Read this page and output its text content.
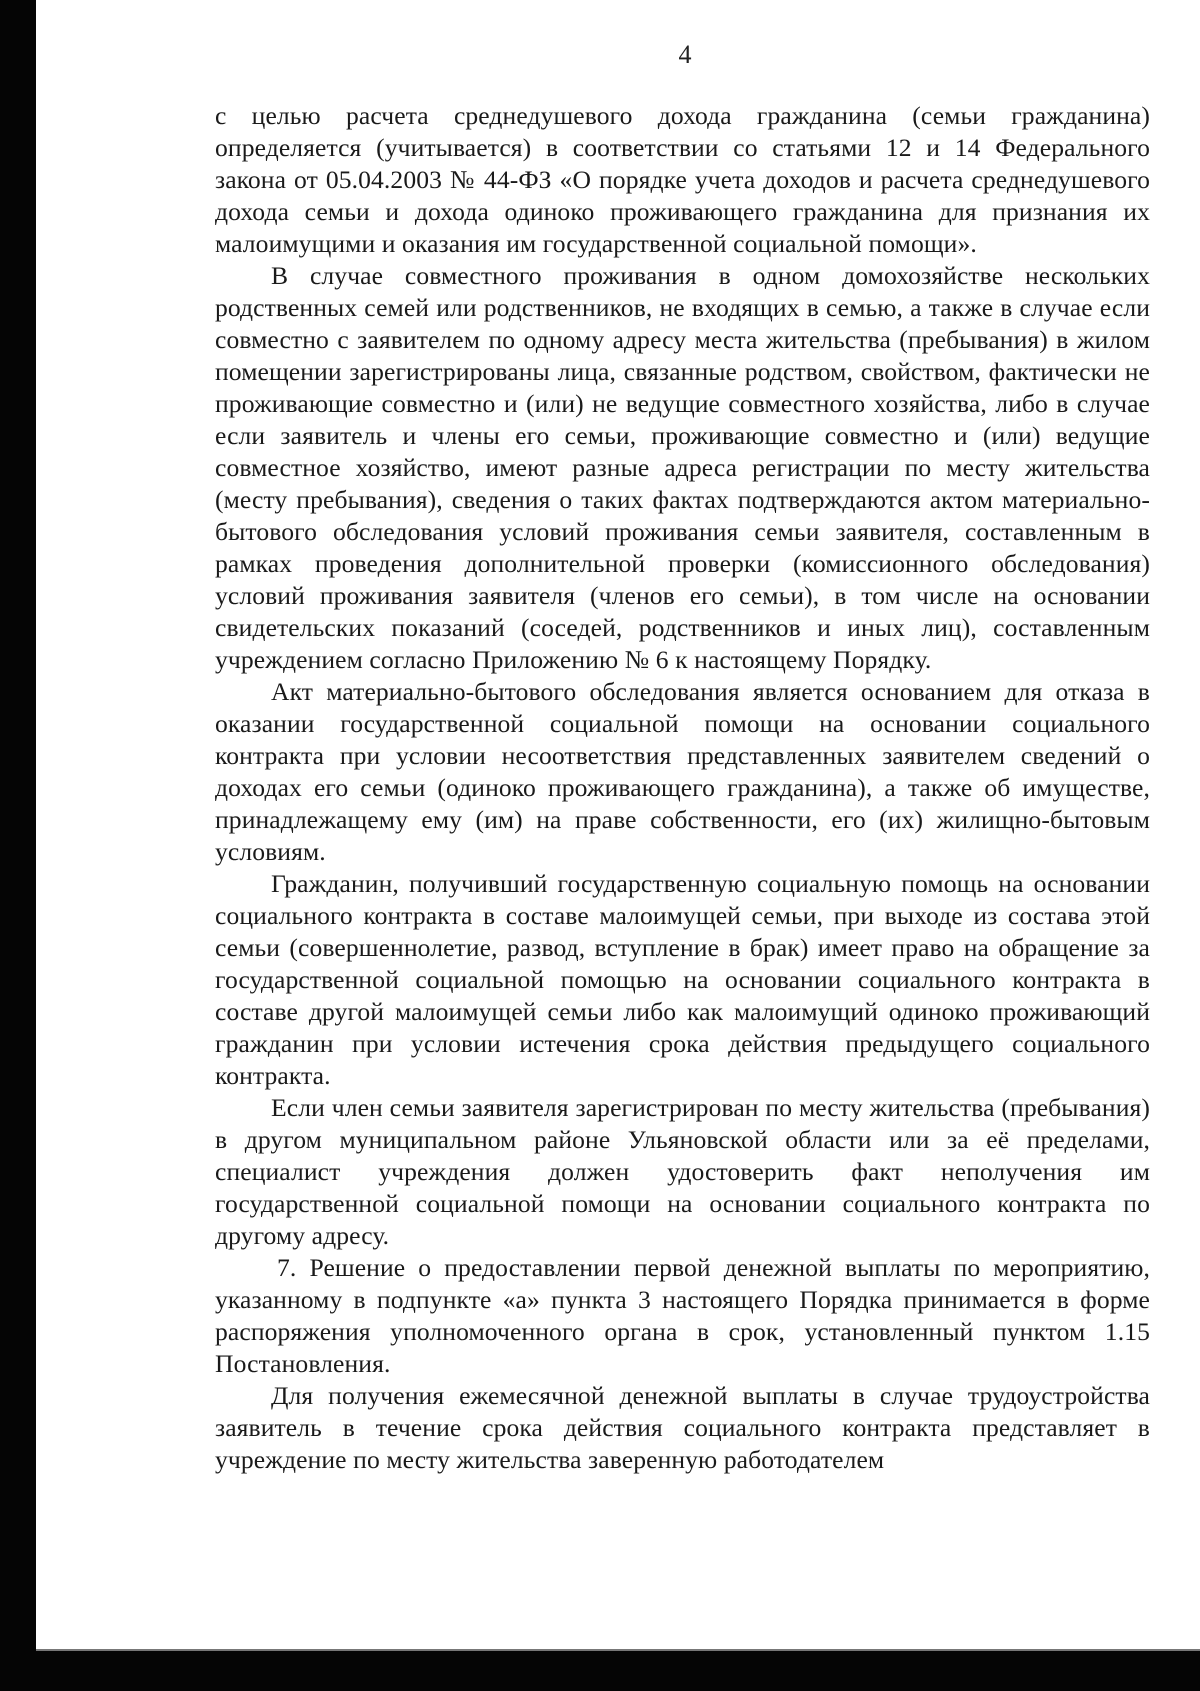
4

с целью расчета среднедушевого дохода гражданина (семьи гражданина) определяется (учитывается) в соответствии со статьями 12 и 14 Федерального закона от 05.04.2003 № 44-ФЗ «О порядке учета доходов и расчета среднедушевого дохода семьи и дохода одиноко проживающего гражданина для признания их малоимущими и оказания им государственной социальной помощи».

В случае совместного проживания в одном домохозяйстве нескольких родственных семей или родственников, не входящих в семью, а также в случае если совместно с заявителем по одному адресу места жительства (пребывания) в жилом помещении зарегистрированы лица, связанные родством, свойством, фактически не проживающие совместно и (или) не ведущие совместного хозяйства, либо в случае если заявитель и члены его семьи, проживающие совместно и (или) ведущие совместное хозяйство, имеют разные адреса регистрации по месту жительства (месту пребывания), сведения о таких фактах подтверждаются актом материально-бытового обследования условий проживания семьи заявителя, составленным в рамках проведения дополнительной проверки (комиссионного обследования) условий проживания заявителя (членов его семьи), в том числе на основании свидетельских показаний (соседей, родственников и иных лиц), составленным учреждением согласно Приложению № 6 к настоящему Порядку.

Акт материально-бытового обследования является основанием для отказа в оказании государственной социальной помощи на основании социального контракта при условии несоответствия представленных заявителем сведений о доходах его семьи (одиноко проживающего гражданина), а также об имуществе, принадлежащему ему (им) на праве собственности, его (их) жилищно-бытовым условиям.

Гражданин, получивший государственную социальную помощь на основании социального контракта в составе малоимущей семьи, при выходе из состава этой семьи (совершеннолетие, развод, вступление в брак) имеет право на обращение за государственной социальной помощью на основании социального контракта в составе другой малоимущей семьи либо как малоимущий одиноко проживающий гражданин при условии истечения срока действия предыдущего социального контракта.

Если член семьи заявителя зарегистрирован по месту жительства (пребывания) в другом муниципальном районе Ульяновской области или за её пределами, специалист учреждения должен удостоверить факт неполучения им государственной социальной помощи на основании социального контракта по другому адресу.

7. Решение о предоставлении первой денежной выплаты по мероприятию, указанному в подпункте «а» пункта 3 настоящего Порядка принимается в форме распоряжения уполномоченного органа в срок, установленный пунктом 1.15 Постановления.

Для получения ежемесячной денежной выплаты в случае трудоустройства заявитель в течение срока действия социального контракта представляет в учреждение по месту жительства заверенную работодателем
